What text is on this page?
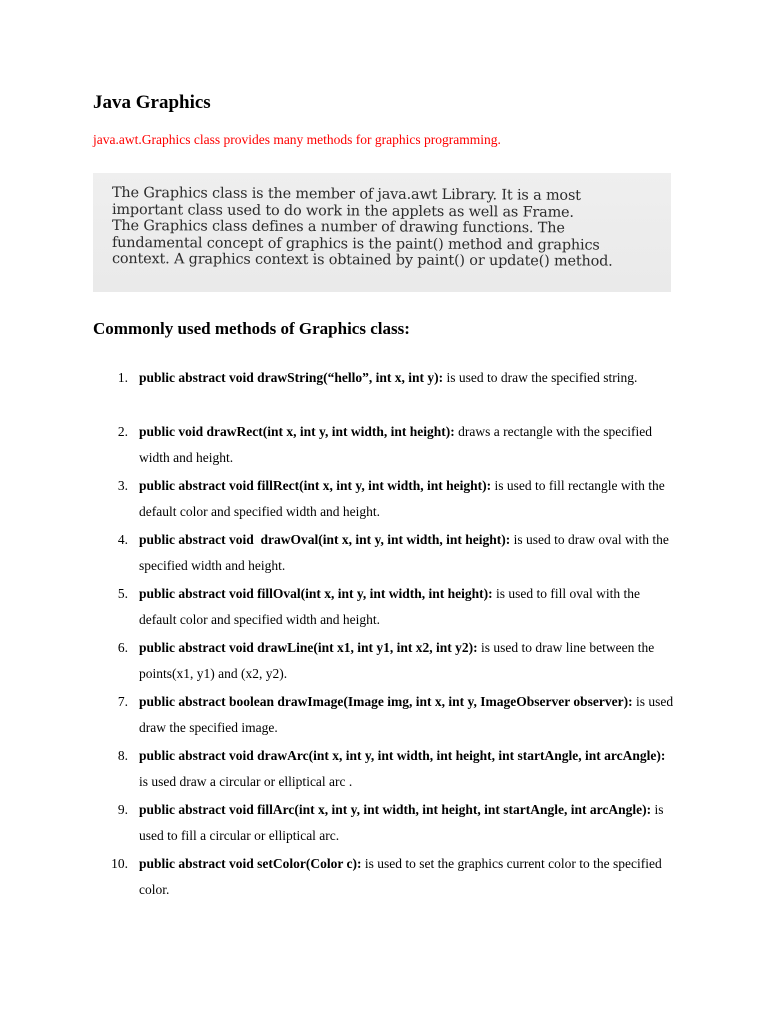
Java Graphics

java.awt.Graphics class provides many methods for graphics programming.

The Graphics class is the member of java.awt Library. It is a most
important class used to do work in the applets as well as Frame.
The Graphics class defines a number of drawing functions. The
fundamental concept of graphics is the paint() method and graphics
context. A graphics context is obtained by paint() or update() method.
Commonly used methods of Graphics class:
1. public abstract void drawString(“hello”, int x, int y): is used to draw the specified string.
2. public void drawRect(int x, int y, int width, int height): draws a rectangle with the specified width and height.
3. public abstract void fillRect(int x, int y, int width, int height): is used to fill rectangle with the default color and specified width and height.
4. public abstract void  drawOval(int x, int y, int width, int height): is used to draw oval with the specified width and height.
5. public abstract void fillOval(int x, int y, int width, int height): is used to fill oval with the default color and specified width and height.
6. public abstract void drawLine(int x1, int y1, int x2, int y2): is used to draw line between the points(x1, y1) and (x2, y2).
7. public abstract boolean drawImage(Image img, int x, int y, ImageObserver observer): is used draw the specified image.
8. public abstract void drawArc(int x, int y, int width, int height, int startAngle, int arcAngle): is used draw a circular or elliptical arc .
9. public abstract void fillArc(int x, int y, int width, int height, int startAngle, int arcAngle): is used to fill a circular or elliptical arc.
10. public abstract void setColor(Color c): is used to set the graphics current color to the specified color.
